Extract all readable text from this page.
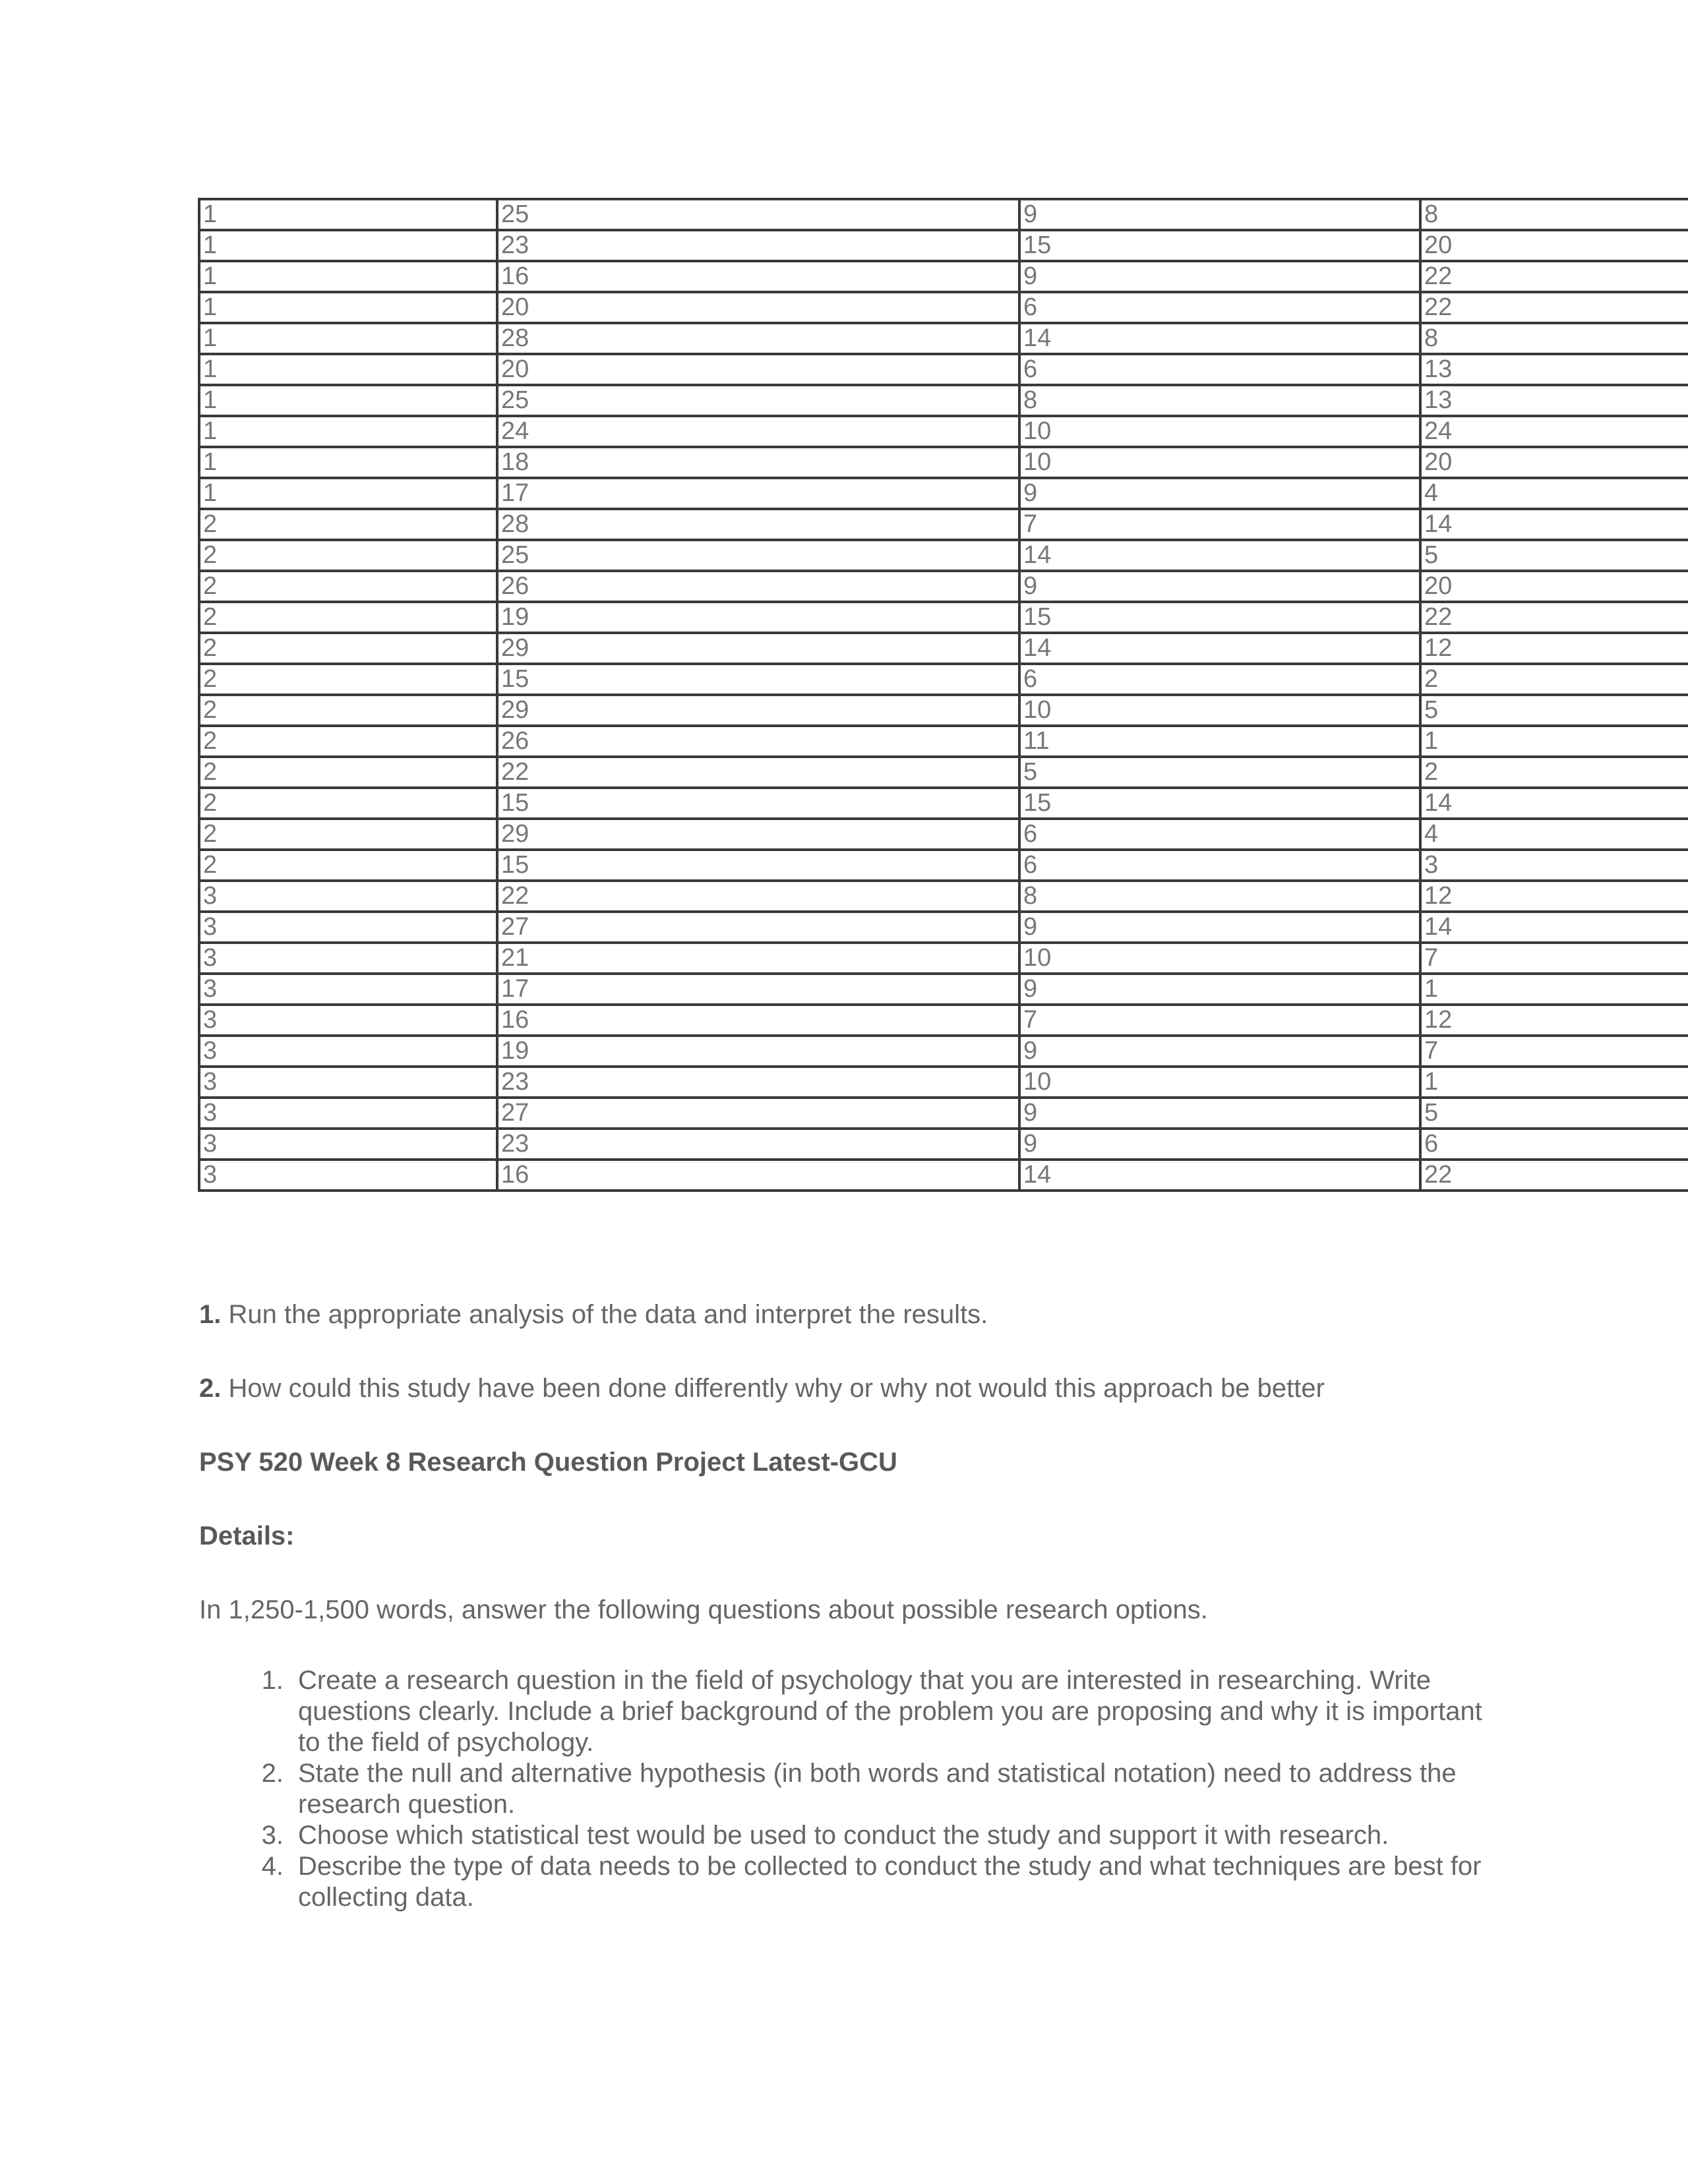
1	25	9	8
1	23	15	20
1	16	9	22
1	20	6	22
1	28	14	8
1	20	6	13
1	25	8	13
1	24	10	24
1	18	10	20
1	17	9	4
2	28	7	14
2	25	14	5
2	26	9	20
2	19	15	22
2	29	14	12
2	15	6	2
2	29	10	5
2	26	11	1
2	22	5	2
2	15	15	14
2	29	6	4
2	15	6	3
3	22	8	12
3	27	9	14
3	21	10	7
3	17	9	1
3	16	7	12
3	19	9	7
3	23	10	1
3	27	9	5
3	23	9	6
3	16	14	22

1. Run the appropriate analysis of the data and interpret the results.

2. How could this study have been done differently why or why not would this approach be better

PSY 520 Week 8 Research Question Project Latest-GCU

Details:

In 1,250-1,500 words, answer the following questions about possible research options.

1. Create a research question in the field of psychology that you are interested in researching. Write questions clearly. Include a brief background of the problem you are proposing and why it is important to the field of psychology.
2. State the null and alternative hypothesis (in both words and statistical notation) need to address the research question.
3. Choose which statistical test would be used to conduct the study and support it with research.
4. Describe the type of data needs to be collected to conduct the study and what techniques are best for collecting data.
